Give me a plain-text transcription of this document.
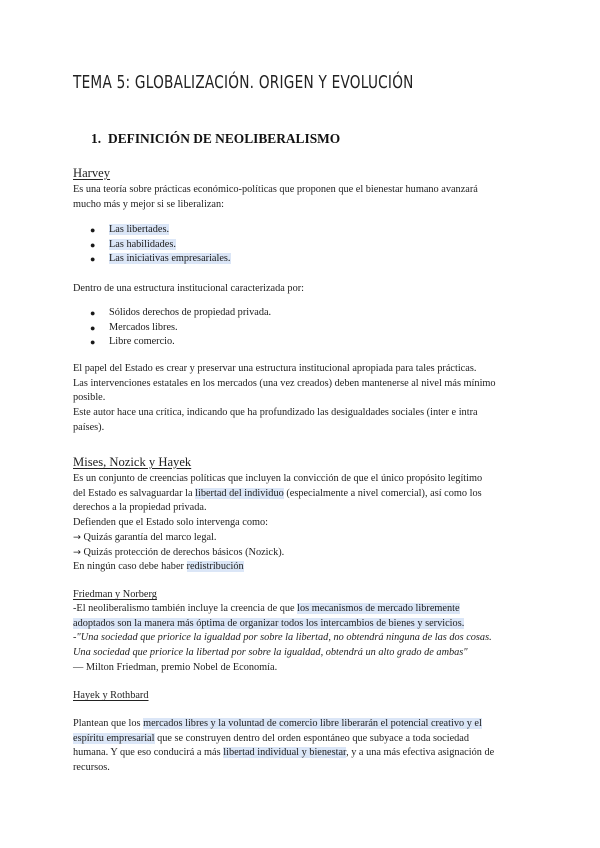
TEMA 5: GLOBALIZACIÓN. ORIGEN Y EVOLUCIÓN
1. DEFINICIÓN DE NEOLIBERALISMO
Harvey

Es una teoría sobre prácticas económico-políticas que proponen que el bienestar humano avanzará
mucho más y mejor si se liberalizan:

● Las libertades.
● Las habilidades.
● Las iniciativas empresariales.

Dentro de una estructura institucional caracterizada por:

● Sólidos derechos de propiedad privada.
● Mercados libres.
● Libre comercio.

El papel del Estado es crear y preservar una estructura institucional apropiada para tales prácticas.
Las intervenciones estatales en los mercados (una vez creados) deben mantenerse al nivel más mínimo
posible.
Este autor hace una crítica, indicando que ha profundizado las desigualdades sociales (inter e intra
países).

Mises, Nozick y Hayek

Es un conjunto de creencias políticas que incluyen la convicción de que el único propósito legítimo
del Estado es salvaguardar la libertad del individuo (especialmente a nivel comercial), así como los
derechos a la propiedad privada.
Defienden que el Estado solo intervenga como:
→ Quizás garantía del marco legal.
→ Quizás protección de derechos básicos (Nozick).
En ningún caso debe haber redistribución

Friedman y Norberg

-El neoliberalismo también incluye la creencia de que los mecanismos de mercado libremente
adoptados son la manera más óptima de organizar todos los intercambios de bienes y servicios.
-"Una sociedad que priorice la igualdad por sobre la libertad, no obtendrá ninguna de las dos cosas.
Una sociedad que priorice la libertad por sobre la igualdad, obtendrá un alto grado de ambas"
— Milton Friedman, premio Nobel de Economía.

Hayek y Rothbard

Plantean que los mercados libres y la voluntad de comercio libre liberarán el potencial creativo y el
espíritu empresarial que se construyen dentro del orden espontáneo que subyace a toda sociedad
humana. Y que eso conducirá a más libertad individual y bienestar, y a una más efectiva asignación de
recursos.
